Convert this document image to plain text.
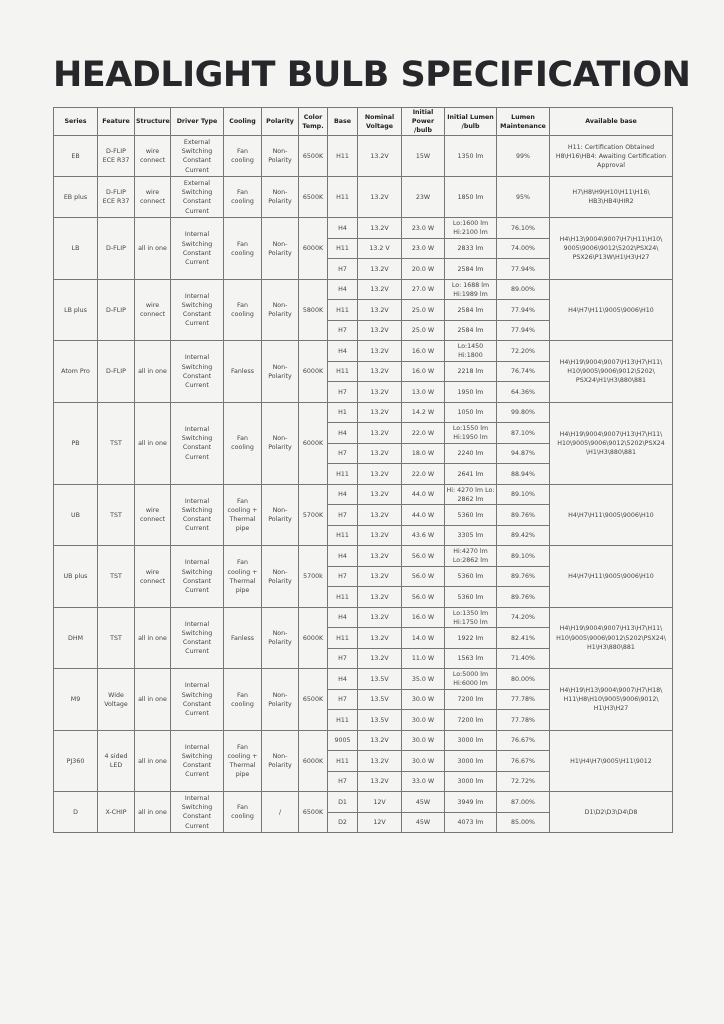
HEADLIGHT BULB SPECIFICATION
Series	Feature	Structure	Driver Type	Cooling	Polarity	Color Temp.	Base	Nominal Voltage	Initial Power /bulb	Initial Lumen /bulb	Lumen Maintenance	Available base
EB	D-FLIP ECE R37	wire connect	External Switching Constant Current	Fan cooling	Non-Polarity	6500K	H11	13.2V	15W	1350 lm	99%	H11: Certification Obtained H8\H16\HB4: Awaiting Certification Approval
EB plus	D-FLIP ECE R37	wire connect	External Switching Constant Current	Fan cooling	Non-Polarity	6500K	H11	13.2V	23W	1850 lm	95%	H7\H8\H9\H10\H11\H16\ HB3\HB4\HIR2
LB	D-FLIP	all in one	Internal Switching Constant Current	Fan cooling	Non-Polarity	6000K	H4	13.2V	23.0 W	Lo:1600 lm Hi:2100 lm	76.10%	H4\H13\9004\9007\H7\H11\H10\ 9005\9006\9012\5202\PSX24\ PSX26\P13W\H1\H3\H27
							H11	13.2 V	23.0 W	2833 lm	74.00%	
							H7	13.2V	20.0 W	2584 lm	77.94%	
LB plus	D-FLIP	wire connect	Internal Switching Constant Current	Fan cooling	Non-Polarity	5800K	H4	13.2V	27.0 W	Lo: 1688 lm Hi:1989 lm	89.00%	H4\H7\H11\9005\9006\H10
							H11	13.2V	25.0 W	2584 lm	77.94%	
							H7	13.2V	25.0 W	2584 lm	77.94%	
Atom Pro	D-FLIP	all in one	Internal Switching Constant Current	Fanless	Non-Polarity	6000K	H4	13.2V	16.0 W	Lo:1450 Hi:1800	72.20%	H4\H19\9004\9007\H13\H7\H11\ H10\9005\9006\9012\5202\ PSX24\H1\H3\880\881
							H11	13.2V	16.0 W	2218 lm	76.74%	
							H7	13.2V	13.0 W	1950 lm	64.36%	
PB	TST	all in one	Internal Switching Constant Current	Fan cooling	Non-Polarity	6000K	H1	13.2V	14.2 W	1050 lm	99.80%	H4\H19\9004\9007\H13\H7\H11\ H10\9005\9006\9012\5202\PSX24 \H1\H3\880\881
							H4	13.2V	22.0 W	Lo:1550 lm Hi:1950 lm	87.10%	
							H7	13.2V	18.0 W	2240 lm	94.87%	
							H11	13.2V	22.0 W	2641 lm	88.94%	
UB	TST	wire connect	Internal Switching Constant Current	Fan cooling + Thermal pipe	Non-Polarity	5700K	H4	13.2V	44.0 W	Hi: 4270 lm Lo: 2862 lm	89.10%	H4\H7\H11\9005\9006\H10
							H7	13.2V	44.0 W	5360 lm	89.76%	
							H11	13.2V	43.6 W	3305 lm	89.42%	
UB plus	TST	wire connect	Internal Switching Constant Current	Fan cooling + Thermal pipe	Non-Polarity	5700k	H4	13.2V	56.0 W	Hi:4270 lm Lo:2862 lm	89.10%	H4\H7\H11\9005\9006\H10
							H7	13.2V	56.0 W	5360 lm	89.76%	
							H11	13.2V	56.0 W	5360 lm	89.76%	
DHM	TST	all in one	Internal Switching Constant Current	Fanless	Non-Polarity	6000K	H4	13.2V	16.0 W	Lo:1350 lm Hi:1750 lm	74.20%	H4\H19\9004\9007\H13\H7\H11\ H10\9005\9006\9012\5202\PSX24\ H1\H3\880\881
							H11	13.2V	14.0 W	1922 lm	82.41%	
							H7	13.2V	11.0 W	1563 lm	71.40%	
M9	Wide Voltage	all in one	Internal Switching Constant Current	Fan cooling	Non-Polarity	6500K	H4	13.5V	35.0 W	Lo:5000 lm Hi:6000 lm	80.00%	H4\H19\H13\9004\9007\H7\H18\ H11\H8\H10\9005\9006\9012\ H1\H3\H27
							H7	13.5V	30.0 W	7200 lm	77.78%	
							H11	13.5V	30.0 W	7200 lm	77.78%	
PJ360	4 sided LED	all in one	Internal Switching Constant Current	Fan cooling + Thermal pipe	Non-Polarity	6000K	9005	13.2V	30.0 W	3000 lm	76.67%	H1\H4\H7\9005\H11\9012
							H11	13.2V	30.0 W	3000 lm	76.67%	
							H7	13.2V	33.0 W	3000 lm	72.72%	
D	X-CHIP	all in one	Internal Switching Constant Current	Fan cooling	/	6500K	D1	12V	45W	3949 lm	87.00%	D1\D2\D3\D4\D8
							D2	12V	45W	4073 lm	85.00%	
